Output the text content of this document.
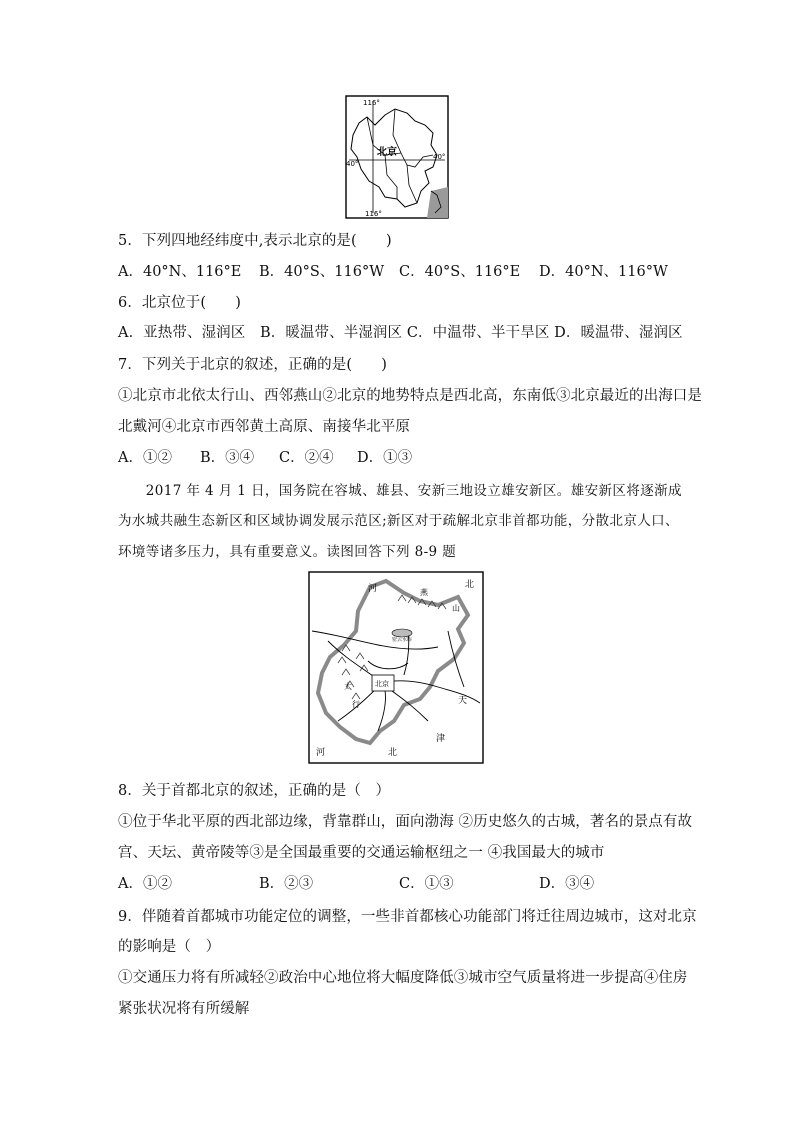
116°
116°
40°
40°
北京
5．下列四地经纬度中,表示北京的是(　　)
A．40°N、116°E B．40°S、116°W C．40°S、116°E D．40°N、116°W
6．北京位于(　　)
A．亚热带、湿润区　B．暖温带、半湿润区 C．中温带、半干旱区 D．暖温带、湿润区
7．下列关于北京的叙述，正确的是(　　)
①北京市北依太行山、西邻燕山②北京的地势特点是西北高，东南低③北京最近的出海口是
北戴河④北京市西邻黄土高原、南接华北平原
A．①② B．③④ C．②④ D．①③
　　2017 年 4 月 1 日，国务院在容城、雄县、安新三地设立雄安新区。雄安新区将逐渐成
为水城共融生态新区和区域协调发展示范区;新区对于疏解北京非首都功能，分散北京人口、
环境等诸多压力，具有重要意义。读图回答下列 8-9 题
密云水库
河	北
燕
山
北京
太
行	天
津
河	北
8．关于首都北京的叙述，正确的是（　）
①位于华北平原的西北部边缘，背靠群山，面向渤海 ②历史悠久的古城，著名的景点有故
宫、天坛、黄帝陵等③是全国最重要的交通运输枢纽之一 ④我国最大的城市
A．①②	B．②③	C．①③	D．③④
9．伴随着首都城市功能定位的调整，一些非首都核心功能部门将迁往周边城市，这对北京
的影响是（　）
①交通压力将有所减轻②政治中心地位将大幅度降低③城市空气质量将进一步提高④住房
紧张状况将有所缓解
